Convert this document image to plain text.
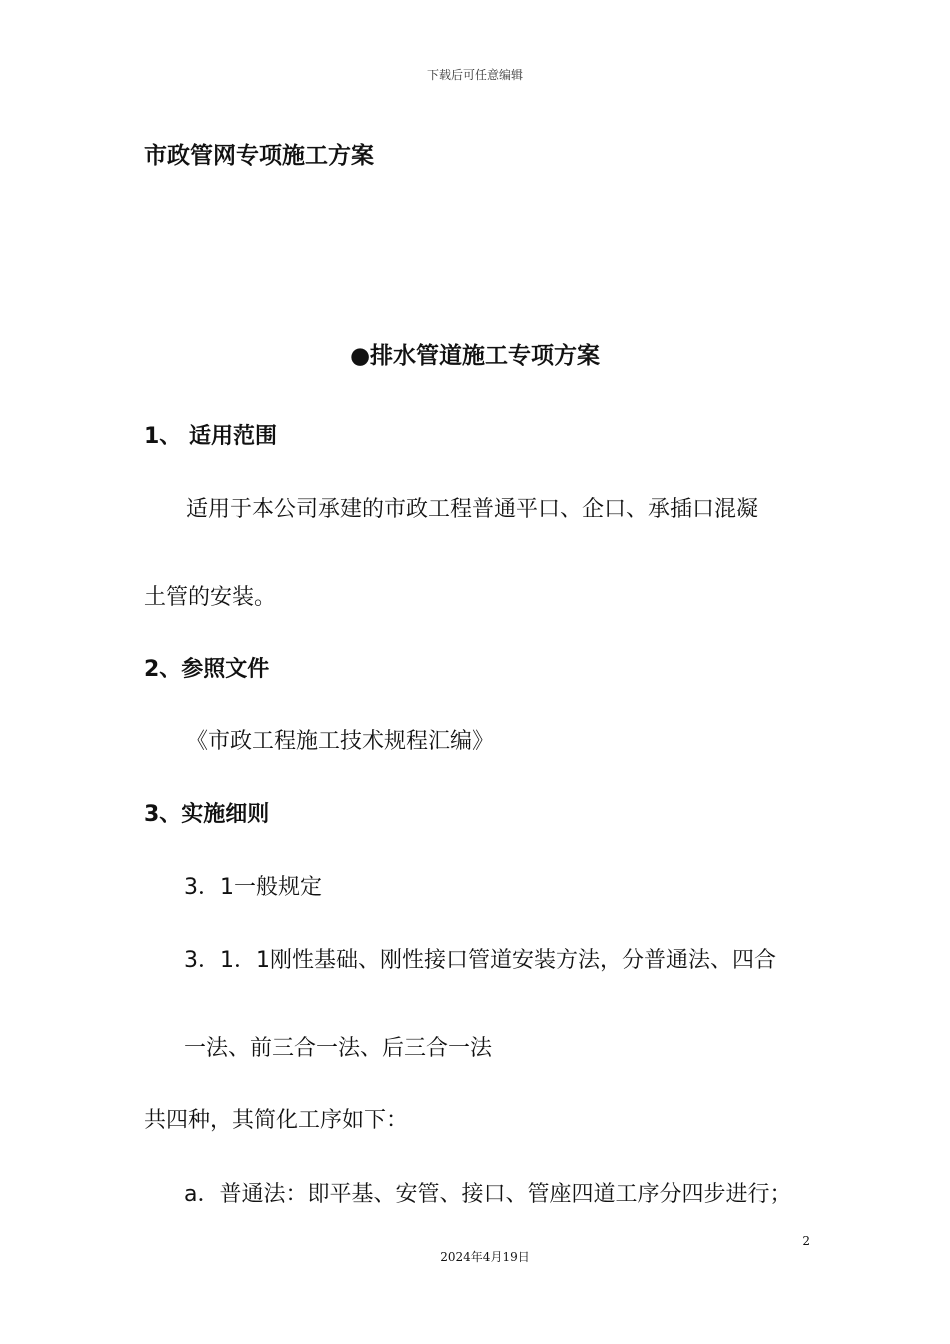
下载后可任意编辑
市政管网专项施工方案
●排水管道施工专项方案
1、 适用范围
适用于本公司承建的市政工程普通平口、企口、承插口混凝
土管的安装。
2、参照文件
《市政工程施工技术规程汇编》
3、实施细则
3．1一般规定
3．1．1刚性基础、刚性接口管道安装方法，分普通法、四合
一法、前三合一法、后三合一法
共四种，其简化工序如下：
a．普通法：即平基、安管、接口、管座四道工序分四步进行；
2
2024年4月19日
